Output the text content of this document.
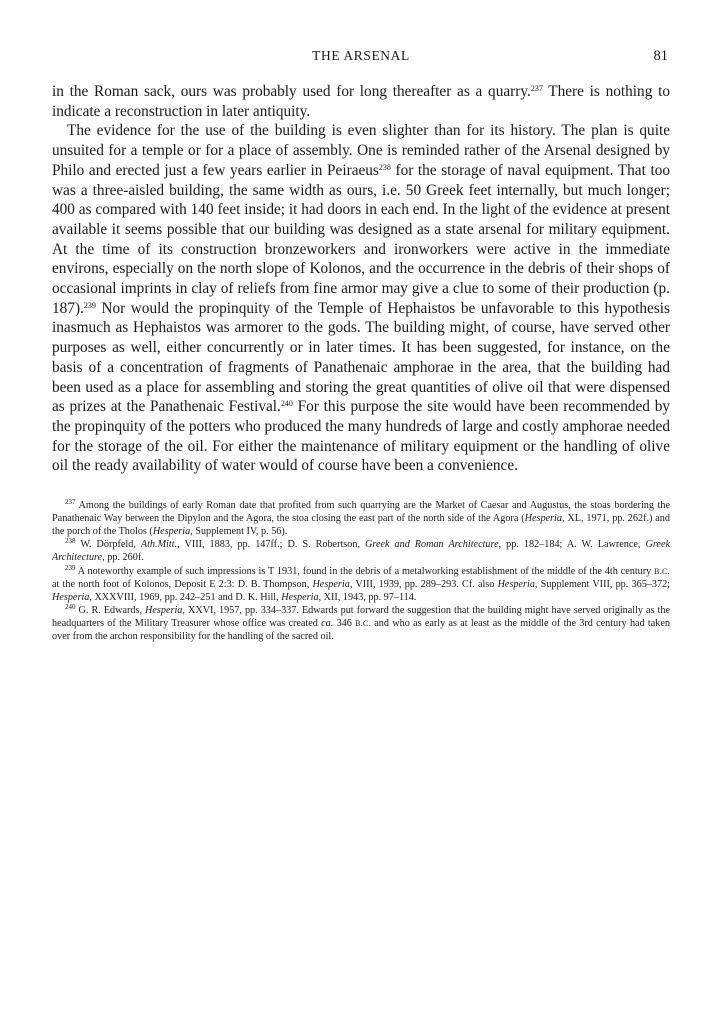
THE ARSENAL	81

in the Roman sack, ours was probably used for long thereafter as a quarry.$^{237}$ There is nothing to indicate a reconstruction in later antiquity.

The evidence for the use of the building is even slighter than for its history. The plan is quite unsuited for a temple or for a place of assembly. One is reminded rather of the Arsenal designed by Philo and erected just a few years earlier in Peiraeus$^{238}$ for the storage of naval equipment. That too was a three-aisled building, the same width as ours, i.e. 50 Greek feet internally, but much longer; 400 as compared with 140 feet inside; it had doors in each end. In the light of the evidence at present available it seems possible that our building was designed as a state arsenal for military equipment. At the time of its construction bronzeworkers and ironworkers were active in the immediate environs, especially on the north slope of Kolonos, and the occurrence in the debris of their shops of occasional imprints in clay of reliefs from fine armor may give a clue to some of their production (p. 187).$^{239}$ Nor would the propinquity of the Temple of Hephaistos be unfavorable to this hypothesis inasmuch as Hephaistos was armorer to the gods. The building might, of course, have served other purposes as well, either concurrently or in later times. It has been suggested, for instance, on the basis of a concentration of fragments of Panathenaic amphorae in the area, that the building had been used as a place for assembling and storing the great quantities of olive oil that were dispensed as prizes at the Panathenaic Festival.$^{240}$ For this purpose the site would have been recommended by the propinquity of the potters who produced the many hundreds of large and costly amphorae needed for the storage of the oil. For either the maintenance of military equipment or the handling of olive oil the ready availability of water would of course have been a convenience.

$^{237}$ Among the buildings of early Roman date that profited from such quarrying are the Market of Caesar and Augustus, the stoas bordering the Panathenaic Way between the Dipylon and the Agora, the stoa closing the east part of the north side of the Agora (Hesperia, XL, 1971, pp. 262f.) and the porch of the Tholos (Hesperia, Supplement IV, p. 56).

$^{238}$ W. Dörpfeld, Ath.Mitt., VIII, 1883, pp. 147ff.; D. S. Robertson, Greek and Roman Architecture, pp. 182–184; A. W. Lawrence, Greek Architecture, pp. 260f.

$^{239}$ A noteworthy example of such impressions is T 1931, found in the debris of a metalworking establishment of the middle of the 4th century B.C. at the north foot of Kolonos, Deposit E 2:3: D. B. Thompson, Hesperia, VIII, 1939, pp. 289–293. Cf. also Hesperia, Supplement VIII, pp. 365–372; Hesperia, XXXVIII, 1969, pp. 242–251 and D. K. Hill, Hesperia, XII, 1943, pp. 97–114.

$^{240}$ G. R. Edwards, Hesperia, XXVI, 1957, pp. 334–337. Edwards put forward the suggestion that the building might have served originally as the headquarters of the Military Treasurer whose office was created ca. 346 B.C. and who as early as at least as the middle of the 3rd century had taken over from the archon responsibility for the handling of the sacred oil.
